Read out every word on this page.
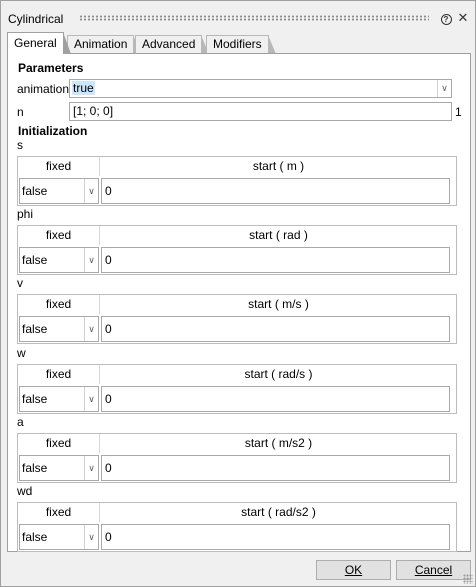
Cylindrical	? ✕
General	Animation	Advanced	Modifiers
Parameters
animation true	∨
n	[1; 0; 0]	1
Initialization
s
fixed	start ( m )
false	∨ 0
phi
fixed	start ( rad )
false	∨ 0
v
fixed	start ( m/s )
false	∨ 0
w
fixed	start ( rad/s )
false	∨ 0
a
fixed	start ( m/s2 )
false	∨ 0
wd
fixed	start ( rad/s2 )
false	∨ 0
OK	Cancel
